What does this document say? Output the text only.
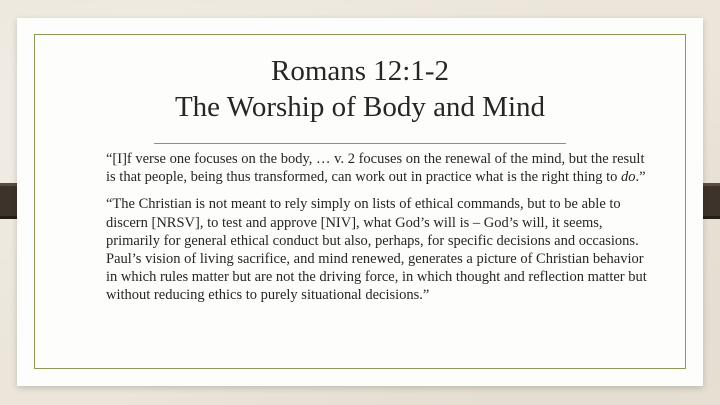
Romans 12:1-2
The Worship of Body and Mind

“[I]f verse one focuses on the body, … v. 2 focuses on the renewal of the mind, but the result is that people, being thus transformed, can work out in practice what is the right thing to do.”

“The Christian is not meant to rely simply on lists of ethical commands, but to be able to discern [NRSV], to test and approve [NIV], what God’s will is – God’s will, it seems, primarily for general ethical conduct but also, perhaps, for specific decisions and occasions. Paul’s vision of living sacrifice, and mind renewed, generates a picture of Christian behavior in which rules matter but are not the driving force, in which thought and reflection matter but without reducing ethics to purely situational decisions.”
